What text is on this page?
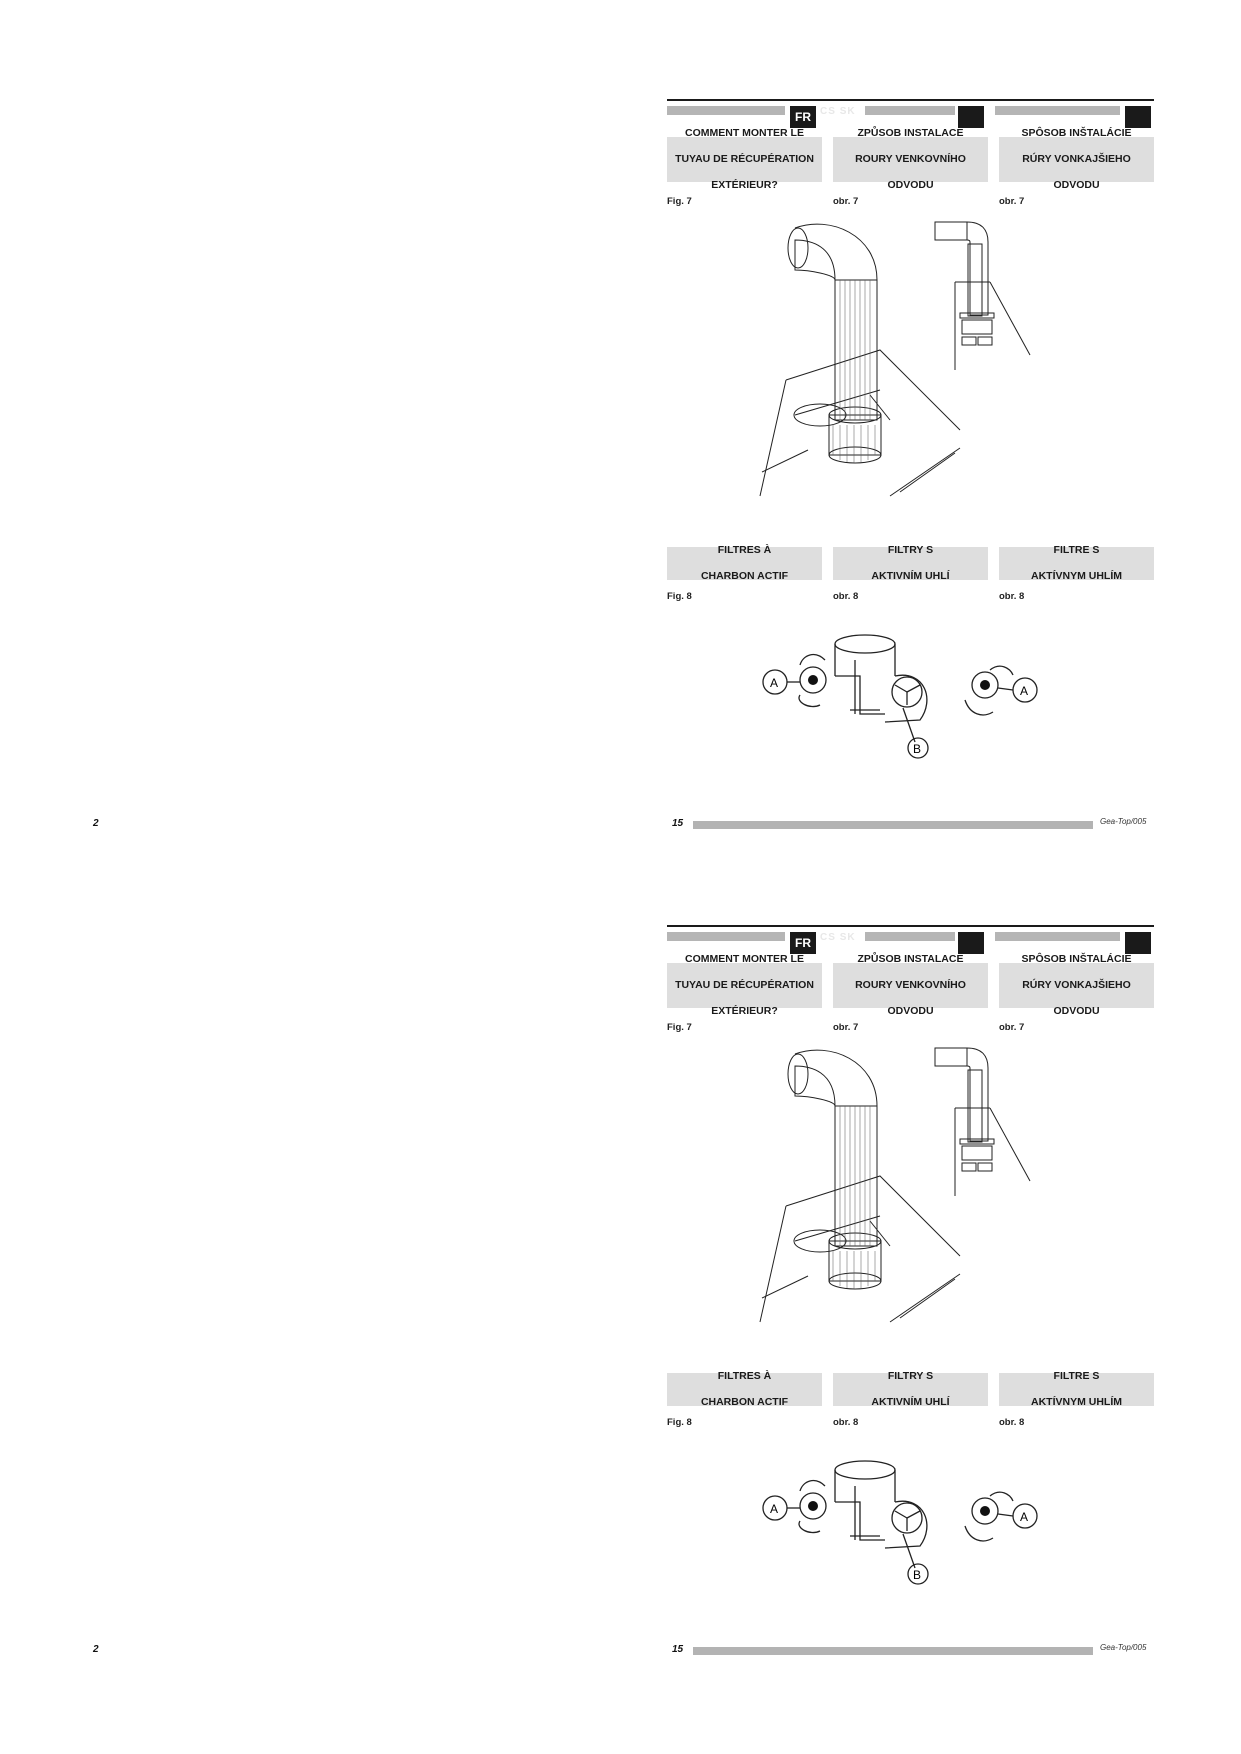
2
FR CS SK
COMMENT MONTER LE

TUYAU DE RÉCUPÉRATION

EXTÉRIEUR?
ZPŮSOB INSTALACE

ROURY VENKOVNÍHO

ODVODU
SPÔSOB INŠTALÁCIE

RÚRY VONKAJŠIEHO

ODVODU
Fig. 7	obr. 7	obr. 7
FILTRES À

CHARBON ACTIF
FILTRY S

AKTIVNÍM UHLÍ
FILTRE S

AKTÍVNYM UHLÍM
Fig. 8	obr. 8	obr. 8
A
A
B
15	Gea-Top/005
2
FR CS SK
COMMENT MONTER LE

TUYAU DE RÉCUPÉRATION

EXTÉRIEUR?
ZPŮSOB INSTALACE

ROURY VENKOVNÍHO

ODVODU
SPÔSOB INŠTALÁCIE

RÚRY VONKAJŠIEHO

ODVODU
Fig. 7	obr. 7	obr. 7
FILTRES À

CHARBON ACTIF
FILTRY S

AKTIVNÍM UHLÍ
FILTRE S

AKTÍVNYM UHLÍM
Fig. 8	obr. 8	obr. 8
A
A
B
15	Gea-Top/005
